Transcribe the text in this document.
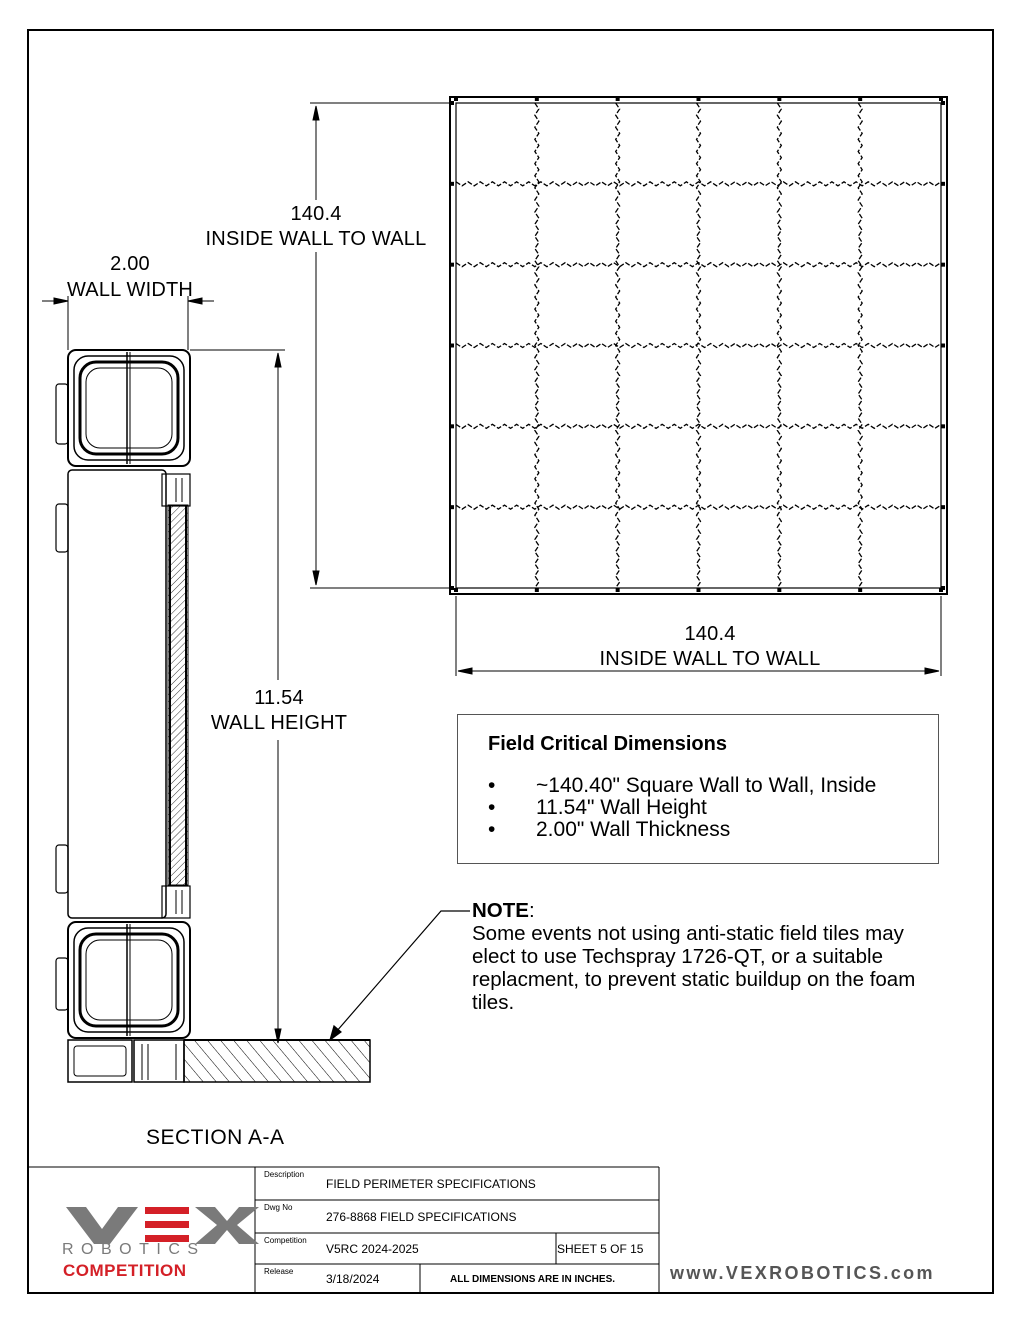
140.4
INSIDE WALL TO WALL
140.4
INSIDE WALL TO WALL
2.00
WALL WIDTH
11.54
WALL HEIGHT
SECTION A-A
Field Critical Dimensions
• ~140.40" Square Wall to Wall, Inside
• 11.54" Wall Height
• 2.00" Wall Thickness
NOTE:
Some events not using anti-static field tiles may elect to use Techspray 1726-QT, or a suitable replacment, to prevent static buildup on the foam tiles.
ROBOTICS
COMPETITION
Description
FIELD PERIMETER SPECIFICATIONS
Dwg No
276-8868 FIELD SPECIFICATIONS
Competition
V5RC 2024-2025	SHEET 5 OF 15
Release
3/18/2024	ALL DIMENSIONS ARE IN INCHES.	www.VEXROBOTICS.com
